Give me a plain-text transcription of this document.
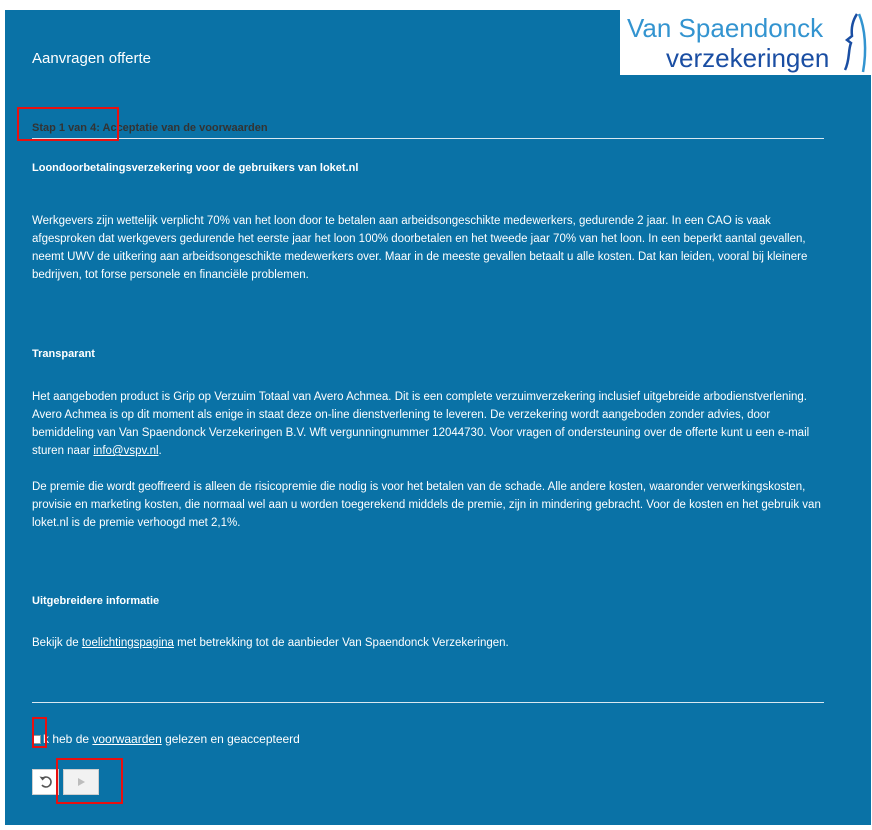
Aanvragen offerte
Van Spaendonck
verzekeringen
Stap 1 van 4: Acceptatie van de voorwaarden
Loondoorbetalingsverzekering voor de gebruikers van loket.nl

Werkgevers zijn wettelijk verplicht 70% van het loon door te betalen aan arbeidsongeschikte medewerkers, gedurende 2 jaar. In een CAO is vaak afgesproken dat werkgevers gedurende het eerste jaar het loon 100% doorbetalen en het tweede jaar 70% van het loon. In een beperkt aantal gevallen, neemt UWV de uitkering aan arbeidsongeschikte medewerkers over. Maar in de meeste gevallen betaalt u alle kosten. Dat kan leiden, vooral bij kleinere bedrijven, tot forse personele en financiële problemen.

Transparant

Het aangeboden product is Grip op Verzuim Totaal van Avero Achmea. Dit is een complete verzuimverzekering inclusief uitgebreide arbodienstverlening. Avero Achmea is op dit moment als enige in staat deze on-line dienstverlening te leveren. De verzekering wordt aangeboden zonder advies, door bemiddeling van Van Spaendonck Verzekeringen B.V. Wft vergunningnummer 12044730. Voor vragen of ondersteuning over de offerte kunt u een e-mail sturen naar info@vspv.nl.

De premie die wordt geoffreerd is alleen de risicopremie die nodig is voor het betalen van de schade. Alle andere kosten, waaronder verwerkingskosten, provisie en marketing kosten, die normaal wel aan u worden toegerekend middels de premie, zijn in mindering gebracht. Voor de kosten en het gebruik van loket.nl is de premie verhoogd met 2,1%.

Uitgebreidere informatie

Bekijk de toelichtingspagina met betrekking tot de aanbieder Van Spaendonck Verzekeringen.

k heb de voorwaarden gelezen en geaccepteerd
